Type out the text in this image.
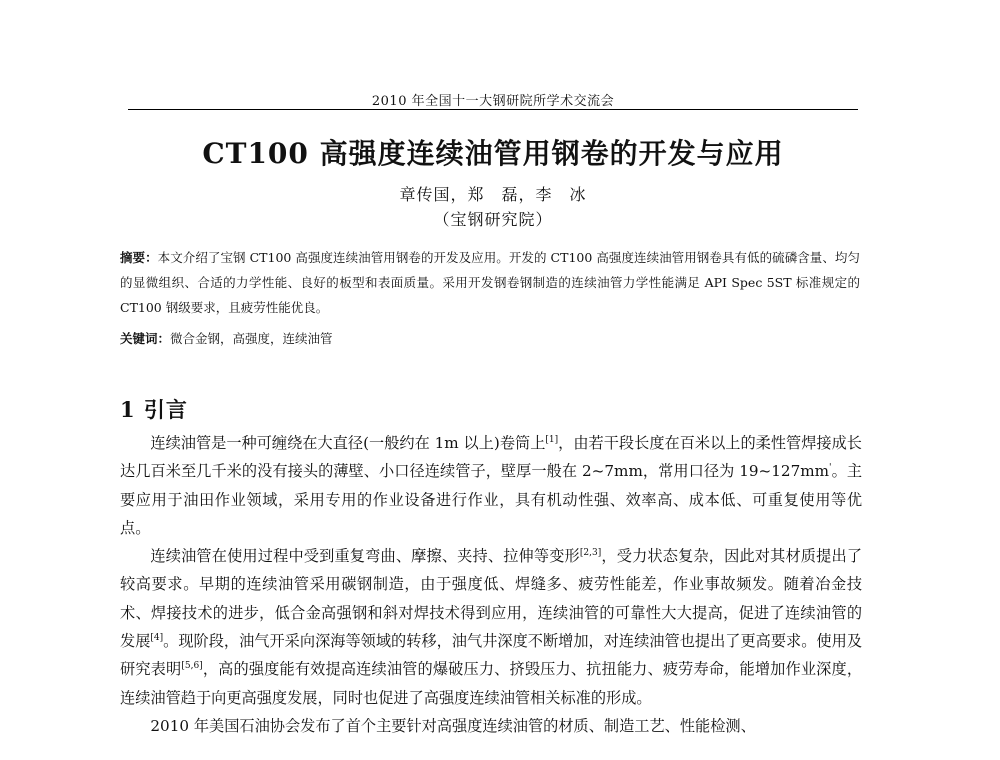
2010 年全国十一大钢研院所学术交流会
CT100 高强度连续油管用钢卷的开发与应用
章传国，郑　磊，李　冰
（宝钢研究院）
摘要：本文介绍了宝钢 CT100 高强度连续油管用钢卷的开发及应用。开发的 CT100 高强度连续油管用钢卷具有低的硫磷含量、均匀的显微组织、合适的力学性能、良好的板型和表面质量。采用开发钢卷钢制造的连续油管力学性能满足 API Spec 5ST 标准规定的 CT100 钢级要求，且疲劳性能优良。
关键词：微合金钢，高强度，连续油管
1 引言

连续油管是一种可缠绕在大直径(一般约在 1m 以上)卷筒上[1]，由若干段长度在百米以上的柔性管焊接成长达几百米至几千米的没有接头的薄壁、小口径连续管子，壁厚一般在 2~7mm，常用口径为 19~127mm'。主要应用于油田作业领域，采用专用的作业设备进行作业，具有机动性强、效率高、成本低、可重复使用等优点。

连续油管在使用过程中受到重复弯曲、摩擦、夹持、拉伸等变形[2,3]，受力状态复杂，因此对其材质提出了较高要求。早期的连续油管采用碳钢制造，由于强度低、焊缝多、疲劳性能差，作业事故频发。随着冶金技术、焊接技术的进步，低合金高强钢和斜对焊技术得到应用，连续油管的可靠性大大提高，促进了连续油管的发展[4]。现阶段，油气开采向深海等领域的转移，油气井深度不断增加，对连续油管也提出了更高要求。使用及研究表明[5,6]，高的强度能有效提高连续油管的爆破压力、挤毁压力、抗扭能力、疲劳寿命，能增加作业深度，连续油管趋于向更高强度发展，同时也促进了高强度连续油管相关标准的形成。

2010 年美国石油协会发布了首个主要针对高强度连续油管的材质、制造工艺、性能检测、
